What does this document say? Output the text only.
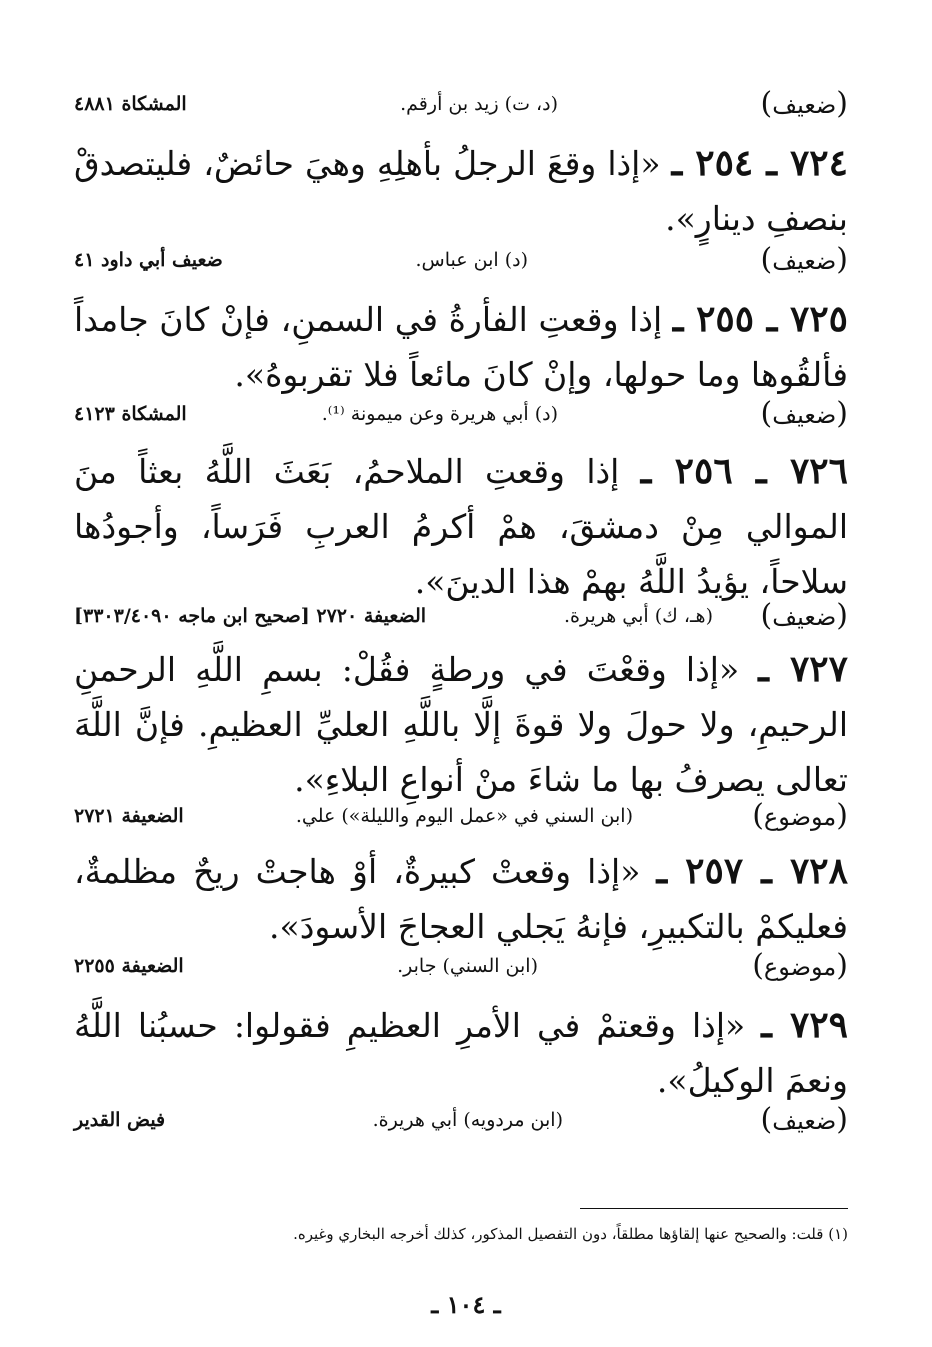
(ضعيف)
(د، ت) زيد بن أرقم.
المشكاة ٤٨٨١
٧٢٤ ـ ٢٥٤ ـ «إذا وقعَ الرجلُ بأهلِهِ وهيَ حائضٌ، فليتصدقْ بنصفِ دينارٍ».
(ضعيف)
(د) ابن عباس.
ضعيف أبي داود ٤١
٧٢٥ ـ ٢٥٥ ـ إذا وقعتِ الفأرةُ في السمنِ، فإنْ كانَ جامداً فألقُوها وما حولها، وإنْ كانَ مائعاً فلا تقربوهُ».
(ضعيف)
(د) أبي هريرة وعن ميمونة ⁽¹⁾.
المشكاة ٤١٢٣
٧٢٦ ـ ٢٥٦ ـ إذا وقعتِ الملاحمُ، بَعَثَ اللَّهُ بعثاً منَ الموالي مِنْ دمشقَ، همْ أكرمُ العربِ فَرَساً، وأجودُها سلاحاً، يؤيدُ اللَّهُ بهمْ هذا الدينَ».
(ضعيف)
(هـ، ك) أبي هريرة.
الضعيفة ٢٧٢٠ [صحيح ابن ماجه ٣٣٠٣/٤٠٩٠]
٧٢٧ ـ «إذا وقعْتَ في ورطةٍ فقُلْ: بسمِ اللَّهِ الرحمنِ الرحيمِ، ولا حولَ ولا قوةَ إلَّا باللَّهِ العليِّ العظيمِ. فإنَّ اللَّهَ تعالى يصرفُ بها ما شاءَ منْ أنواعِ البلاءِ».
(موضوع)
(ابن السني في «عمل اليوم والليلة») علي.
الضعيفة ٢٧٢١
٧٢٨ ـ ٢٥٧ ـ «إذا وقعتْ كبيرةٌ، أوْ هاجتْ ريحٌ مظلمةٌ، فعليكمْ بالتكبيرِ، فإنهُ يَجلي العجاجَ الأسودَ».
(موضوع)
(ابن السني) جابر.
الضعيفة ٢٢٥٥
٧٢٩ ـ «إذا وقعتمْ في الأمرِ العظيمِ فقولوا: حسبُنا اللَّهُ ونعمَ الوكيلُ».
(ضعيف)
(ابن مردويه) أبي هريرة.
فيض القدير
(١) قلت: والصحيح عنها إلقاؤها مطلقاً، دون التفصيل المذكور، كذلك أخرجه البخاري وغيره.
ـ ١٠٤ ـ
